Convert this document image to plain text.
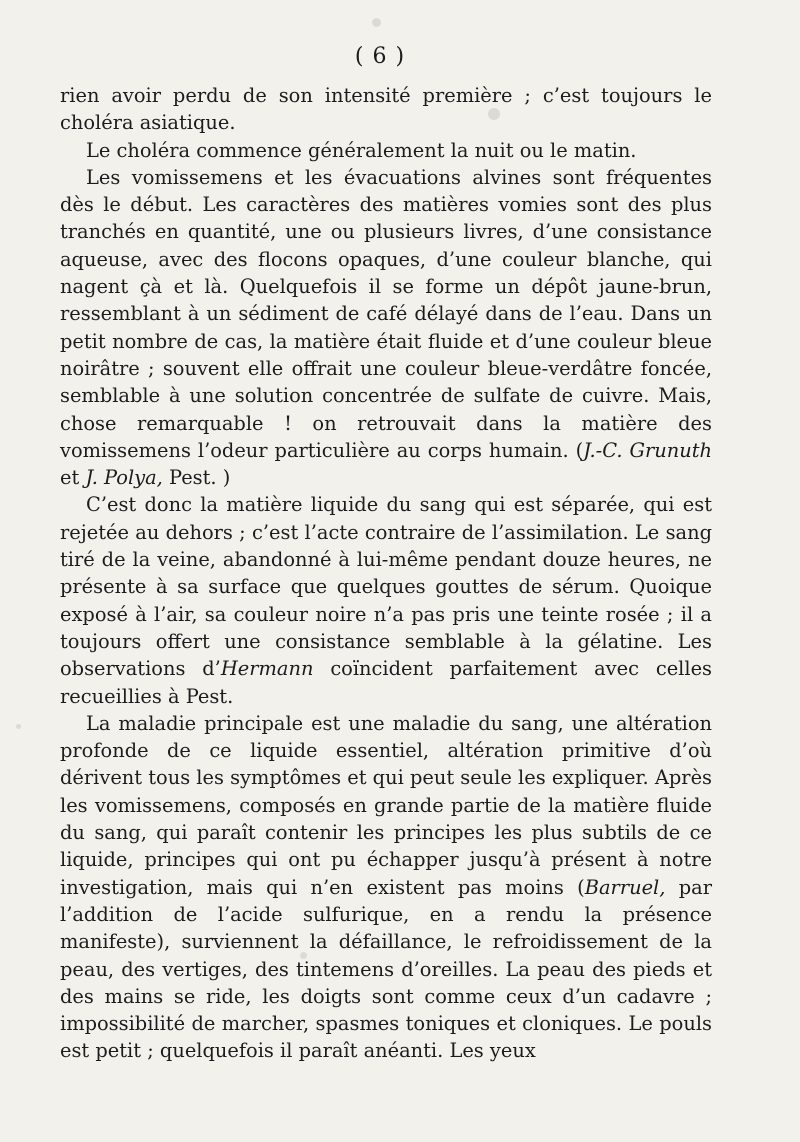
( 6 )

rien avoir perdu de son intensité première ; c’est toujours le choléra asiatique.

Le choléra commence généralement la nuit ou le matin.

Les vomissemens et les évacuations alvines sont fréquentes dès le début. Les caractères des matières vomies sont des plus tranchés en quantité, une ou plusieurs livres, d’une consistance aqueuse, avec des flocons opaques, d’une couleur blanche, qui nagent çà et là. Quelquefois il se forme un dépôt jaune-brun, ressemblant à un sédiment de café délayé dans de l’eau. Dans un petit nombre de cas, la matière était fluide et d’une couleur bleue noirâtre ; souvent elle offrait une couleur bleue-verdâtre foncée, semblable à une solution concentrée de sulfate de cuivre. Mais, chose remarquable ! on retrouvait dans la matière des vomissemens l’odeur particulière au corps humain. (J.-C. Grunuth et J. Polya, Pest. )

C’est donc la matière liquide du sang qui est séparée, qui est rejetée au dehors ; c’est l’acte contraire de l’assimilation. Le sang tiré de la veine, abandonné à lui-même pendant douze heures, ne présente à sa surface que quelques gouttes de sérum. Quoique exposé à l’air, sa couleur noire n’a pas pris une teinte rosée ; il a toujours offert une consistance semblable à la gélatine. Les observations d’Hermann coïncident parfaitement avec celles recueillies à Pest.

La maladie principale est une maladie du sang, une altération profonde de ce liquide essentiel, altération primitive d’où dérivent tous les symptômes et qui peut seule les expliquer. Après les vomissemens, composés en grande partie de la matière fluide du sang, qui paraît contenir les principes les plus subtils de ce liquide, principes qui ont pu échapper jusqu’à présent à notre investigation, mais qui n’en existent pas moins (Barruel, par l’addition de l’acide sulfurique, en a rendu la présence manifeste), surviennent la défaillance, le refroidissement de la peau, des vertiges, des tintemens d’oreilles. La peau des pieds et des mains se ride, les doigts sont comme ceux d’un cadavre ; impossibilité de marcher, spasmes toniques et cloniques. Le pouls est petit ; quelquefois il paraît anéanti. Les yeux
